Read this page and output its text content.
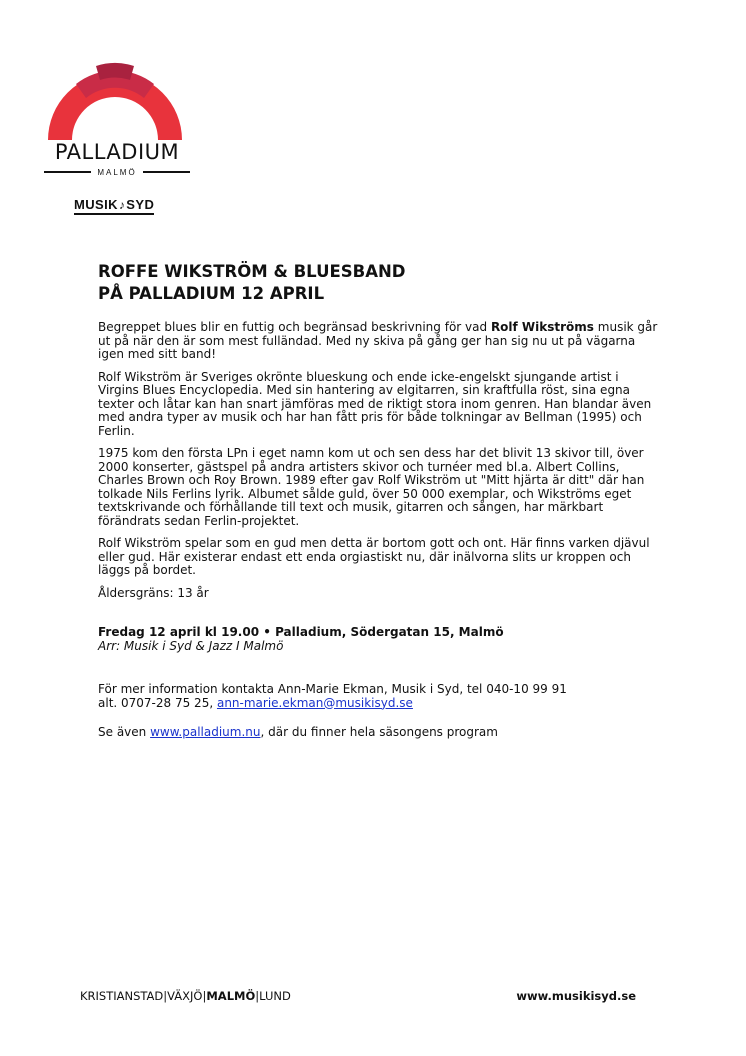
PALLADIUM
MALMÖ
MUSIK♪SYD
ROFFE WIKSTRÖM & BLUESBAND
PÅ PALLADIUM 12 APRIL

Begreppet blues blir en futtig och begränsad beskrivning för vad Rolf Wikströms musik går ut på när den är som mest fulländad. Med ny skiva på gång ger han sig nu ut på vägarna igen med sitt band!

Rolf Wikström är Sveriges okrönte blueskung och ende icke-engelskt sjungande artist i Virgins Blues Encyclopedia. Med sin hantering av elgitarren, sin kraftfulla röst, sina egna texter och låtar kan han snart jämföras med de riktigt stora inom genren. Han blandar även med andra typer av musik och har han fått pris för både tolkningar av Bellman (1995) och Ferlin.

1975 kom den första LPn i eget namn kom ut och sen dess har det blivit 13 skivor till, över 2000 konserter, gästspel på andra artisters skivor och turnéer med bl.a. Albert Collins, Charles Brown och Roy Brown. 1989 efter gav Rolf Wikström ut "Mitt hjärta är ditt" där han tolkade Nils Ferlins lyrik. Albumet sålde guld, över 50 000 exemplar, och Wikströms eget textskrivande och förhållande till text och musik, gitarren och sången, har märkbart förändrats sedan Ferlin-projektet.

Rolf Wikström spelar som en gud men detta är bortom gott och ont. Här finns varken djävul eller gud. Här existerar endast ett enda orgiastiskt nu, där inälvorna slits ur kroppen och läggs på bordet.

Åldersgräns: 13 år

Fredag 12 april kl 19.00 • Palladium, Södergatan 15, Malmö
Arr: Musik i Syd & Jazz I Malmö

För mer information kontakta Ann-Marie Ekman, Musik i Syd, tel 040-10 99 91
alt. 0707-28 75 25, ann-marie.ekman@musikisyd.se

Se även www.palladium.nu, där du finner hela säsongens program

KRISTIANSTAD|VÄXJÖ|MALMÖ|LUND	www.musikisyd.se
